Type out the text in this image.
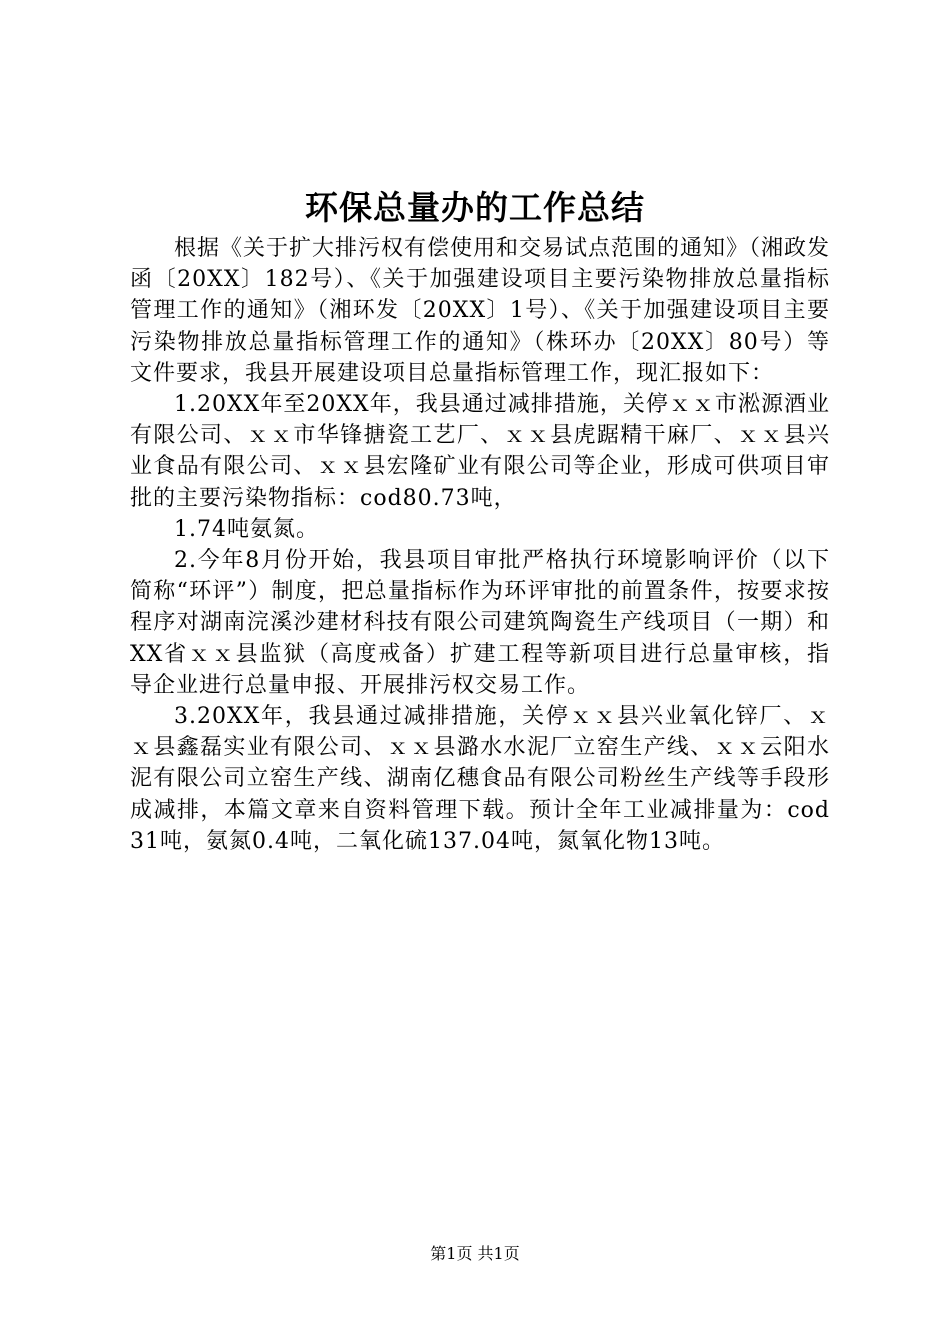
环保总量办的工作总结

根据《关于扩大排污权有偿使用和交易试点范围的通知》（湘政发函〔20XX〕182号）、《关于加强建设项目主要污染物排放总量指标管理工作的通知》（湘环发〔20XX〕1号）、《关于加强建设项目主要污染物排放总量指标管理工作的通知》（株环办〔20XX〕80号）等文件要求，我县开展建设项目总量指标管理工作，现汇报如下：

1.20XX年至20XX年，我县通过减排措施，关停ｘｘ市淞源酒业有限公司、ｘｘ市华锋搪瓷工艺厂、ｘｘ县虎踞精干麻厂、ｘｘ县兴业食品有限公司、ｘｘ县宏隆矿业有限公司等企业，形成可供项目审批的主要污染物指标：cod80.73吨，

1.74吨氨氮。

2.今年8月份开始，我县项目审批严格执行环境影响评价（以下简称“环评”）制度，把总量指标作为环评审批的前置条件，按要求按程序对湖南浣溪沙建材科技有限公司建筑陶瓷生产线项目（一期）和XX省ｘｘ县监狱（高度戒备）扩建工程等新项目进行总量审核，指导企业进行总量申报、开展排污权交易工作。

3.20XX年，我县通过减排措施，关停ｘｘ县兴业氧化锌厂、ｘｘ县鑫磊实业有限公司、ｘｘ县潞水水泥厂立窑生产线、ｘｘ云阳水泥有限公司立窑生产线、湖南亿穗食品有限公司粉丝生产线等手段形成减排，本篇文章来自资料管理下载。预计全年工业减排量为：cod31吨，氨氮0.4吨，二氧化硫137.04吨，氮氧化物13吨。

第1页 共1页
